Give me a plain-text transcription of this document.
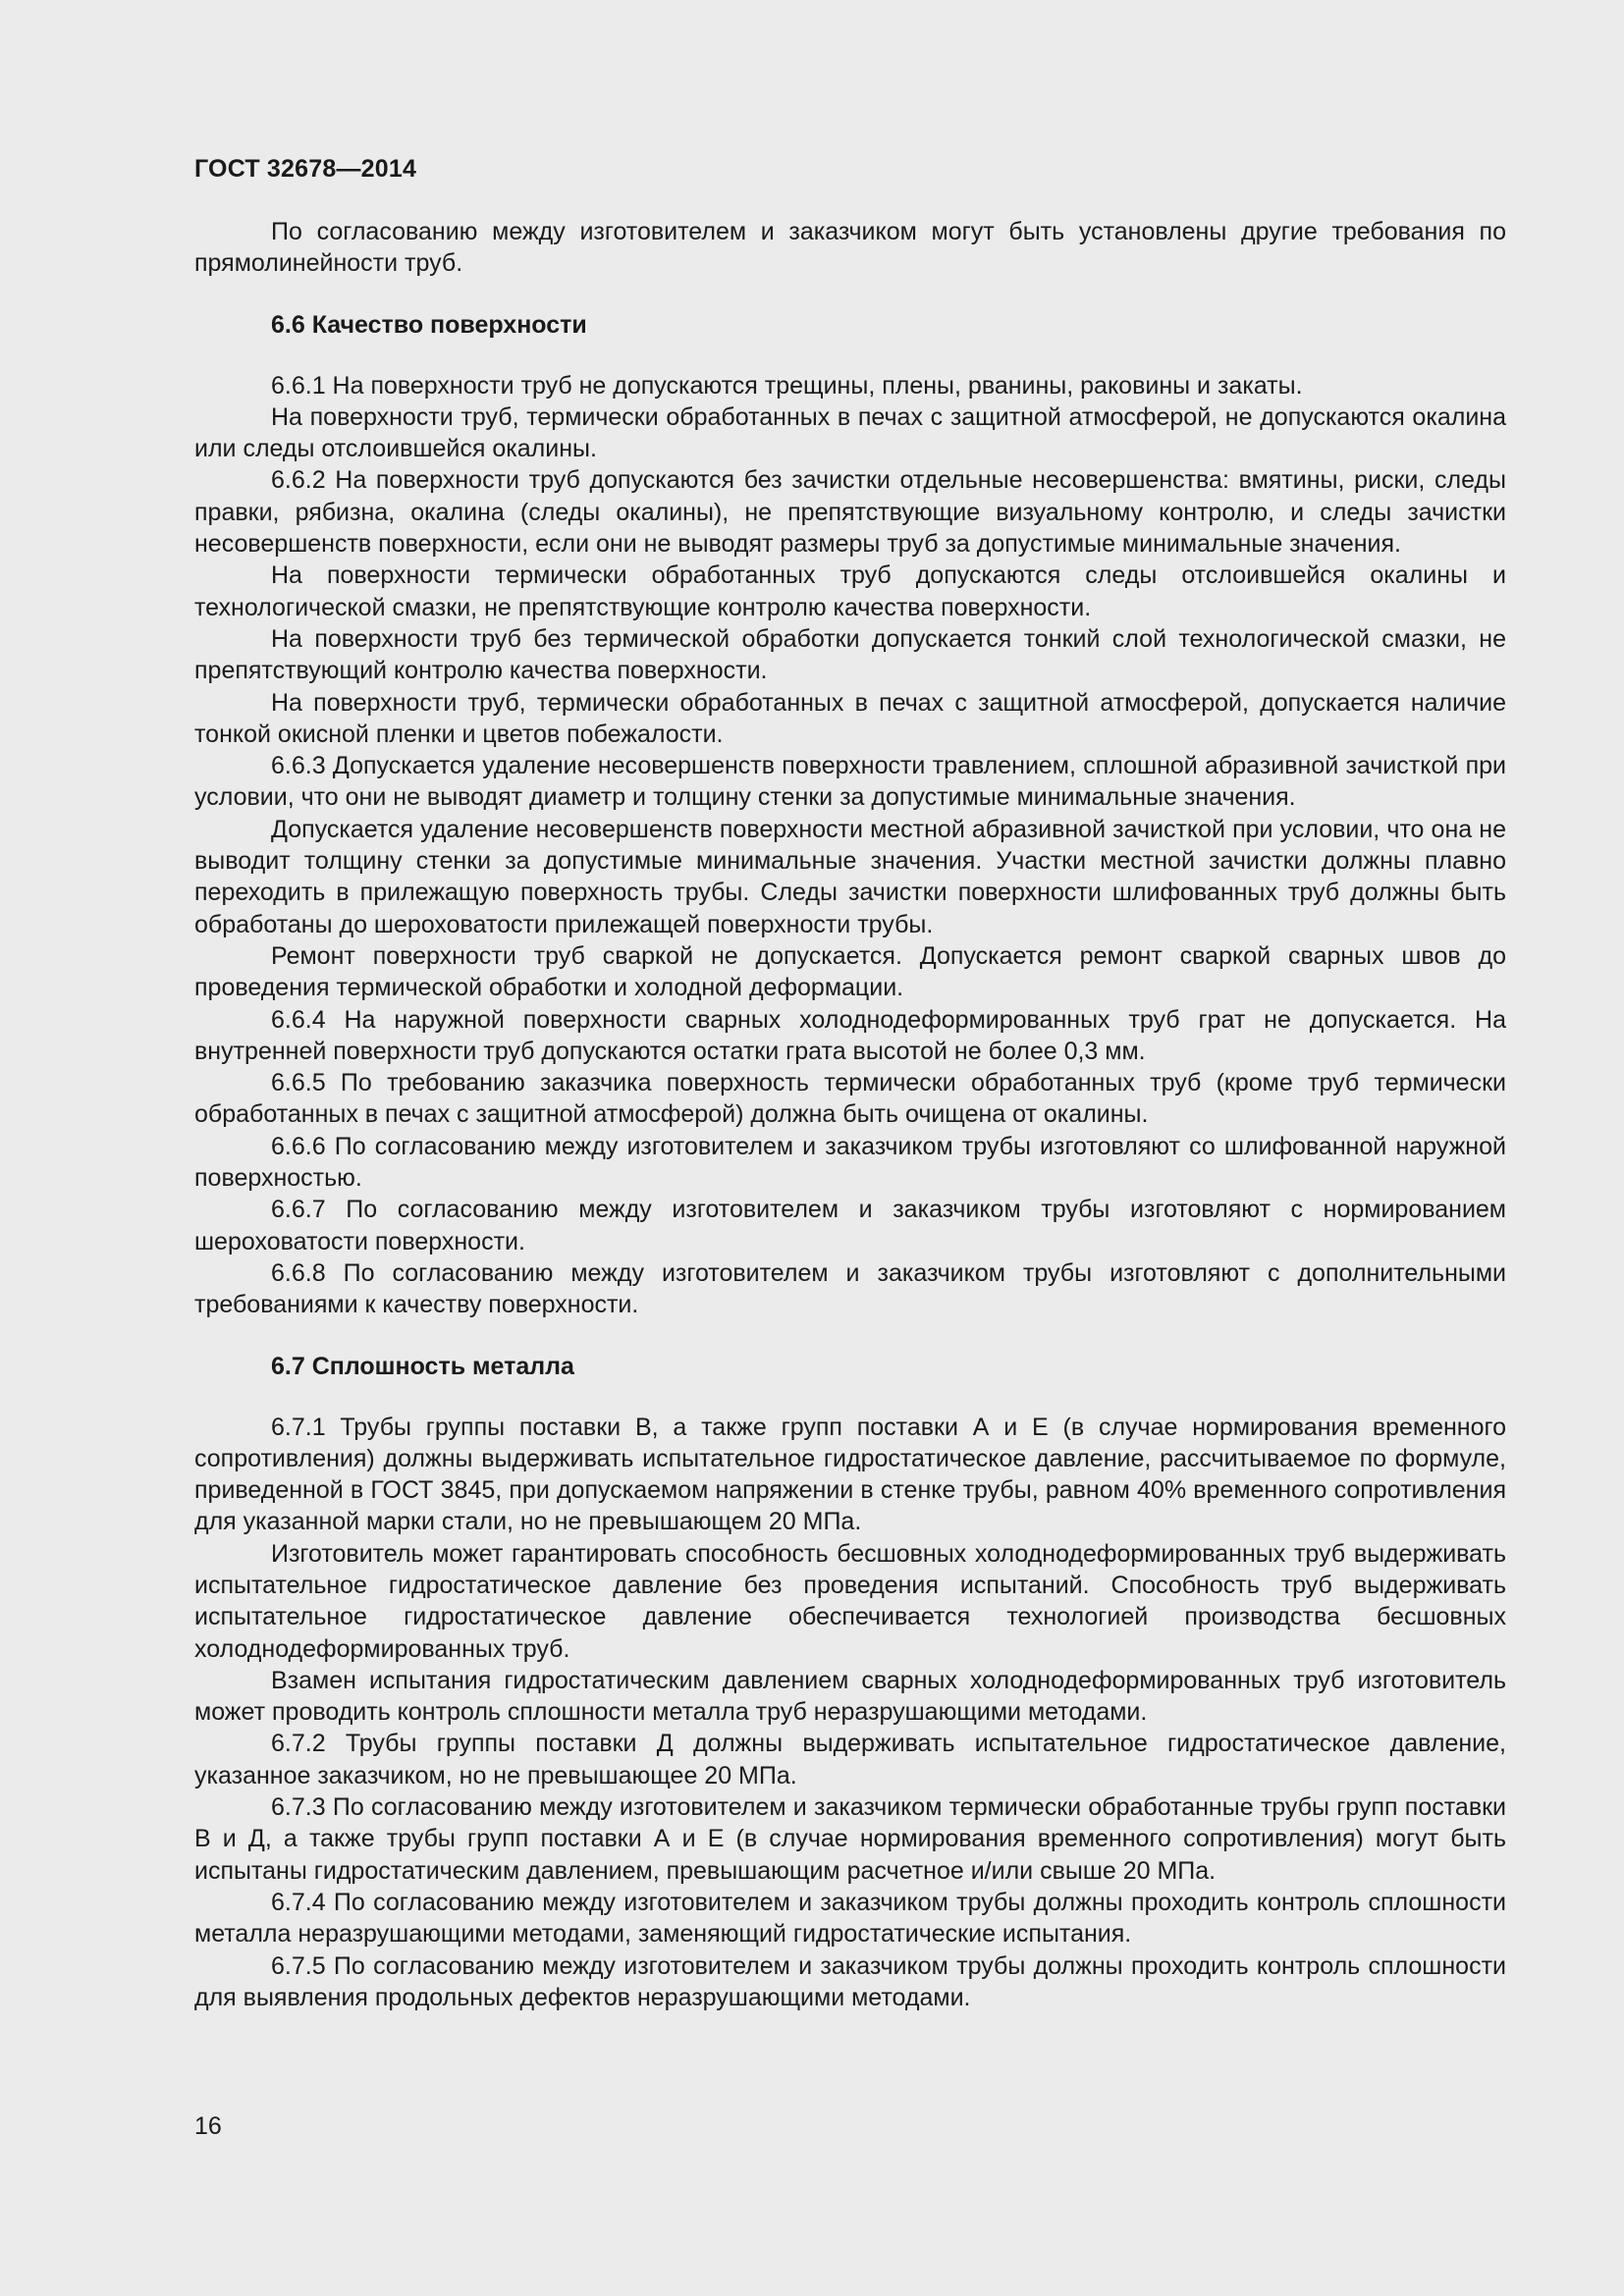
ГОСТ 32678—2014

По согласованию между изготовителем и заказчиком могут быть установлены другие требования по прямолинейности труб.

6.6 Качество поверхности

6.6.1 На поверхности труб не допускаются трещины, плены, рванины, раковины и закаты.

На поверхности труб, термически обработанных в печах с защитной атмосферой, не допускаются окалина или следы отслоившейся окалины.

6.6.2 На поверхности труб допускаются без зачистки отдельные несовершенства: вмятины, риски, следы правки, рябизна, окалина (следы окалины), не препятствующие визуальному контролю, и следы зачистки несовершенств поверхности, если они не выводят размеры труб за допустимые минимальные значения.

На поверхности термически обработанных труб допускаются следы отслоившейся окалины и технологической смазки, не препятствующие контролю качества поверхности.

На поверхности труб без термической обработки допускается тонкий слой технологической смазки, не препятствующий контролю качества поверхности.

На поверхности труб, термически обработанных в печах с защитной атмосферой, допускается наличие тонкой окисной пленки и цветов побежалости.

6.6.3 Допускается удаление несовершенств поверхности травлением, сплошной абразивной зачисткой при условии, что они не выводят диаметр и толщину стенки за допустимые минимальные значения.

Допускается удаление несовершенств поверхности местной абразивной зачисткой при условии, что она не выводит толщину стенки за допустимые минимальные значения. Участки местной зачистки должны плавно переходить в прилежащую поверхность трубы. Следы зачистки поверхности шлифованных труб должны быть обработаны до шероховатости прилежащей поверхности трубы.

Ремонт поверхности труб сваркой не допускается. Допускается ремонт сваркой сварных швов до проведения термической обработки и холодной деформации.

6.6.4 На наружной поверхности сварных холоднодеформированных труб грат не допускается. На внутренней поверхности труб допускаются остатки грата высотой не более 0,3 мм.

6.6.5 По требованию заказчика поверхность термически обработанных труб (кроме труб термически обработанных в печах с защитной атмосферой) должна быть очищена от окалины.

6.6.6 По согласованию между изготовителем и заказчиком трубы изготовляют со шлифованной наружной поверхностью.

6.6.7 По согласованию между изготовителем и заказчиком трубы изготовляют с нормированием шероховатости поверхности.

6.6.8 По согласованию между изготовителем и заказчиком трубы изготовляют с дополнительными требованиями к качеству поверхности.

6.7 Сплошность металла

6.7.1 Трубы группы поставки В, а также групп поставки А и Е (в случае нормирования временного сопротивления) должны выдерживать испытательное гидростатическое давление, рассчитываемое по формуле, приведенной в ГОСТ 3845, при допускаемом напряжении в стенке трубы, равном 40% временного сопротивления для указанной марки стали, но не превышающем 20 МПа.

Изготовитель может гарантировать способность бесшовных холоднодеформированных труб выдерживать испытательное гидростатическое давление без проведения испытаний. Способность труб выдерживать испытательное гидростатическое давление обеспечивается технологией производства бесшовных холоднодеформированных труб.

Взамен испытания гидростатическим давлением сварных холоднодеформированных труб изготовитель может проводить контроль сплошности металла труб неразрушающими методами.

6.7.2 Трубы группы поставки Д должны выдерживать испытательное гидростатическое давление, указанное заказчиком, но не превышающее 20 МПа.

6.7.3 По согласованию между изготовителем и заказчиком термически обработанные трубы групп поставки В и Д, а также трубы групп поставки А и Е (в случае нормирования временного сопротивления) могут быть испытаны гидростатическим давлением, превышающим расчетное и/или свыше 20 МПа.

6.7.4 По согласованию между изготовителем и заказчиком трубы должны проходить контроль сплошности металла неразрушающими методами, заменяющий гидростатические испытания.

6.7.5 По согласованию между изготовителем и заказчиком трубы должны проходить контроль сплошности для выявления продольных дефектов неразрушающими методами.

16
